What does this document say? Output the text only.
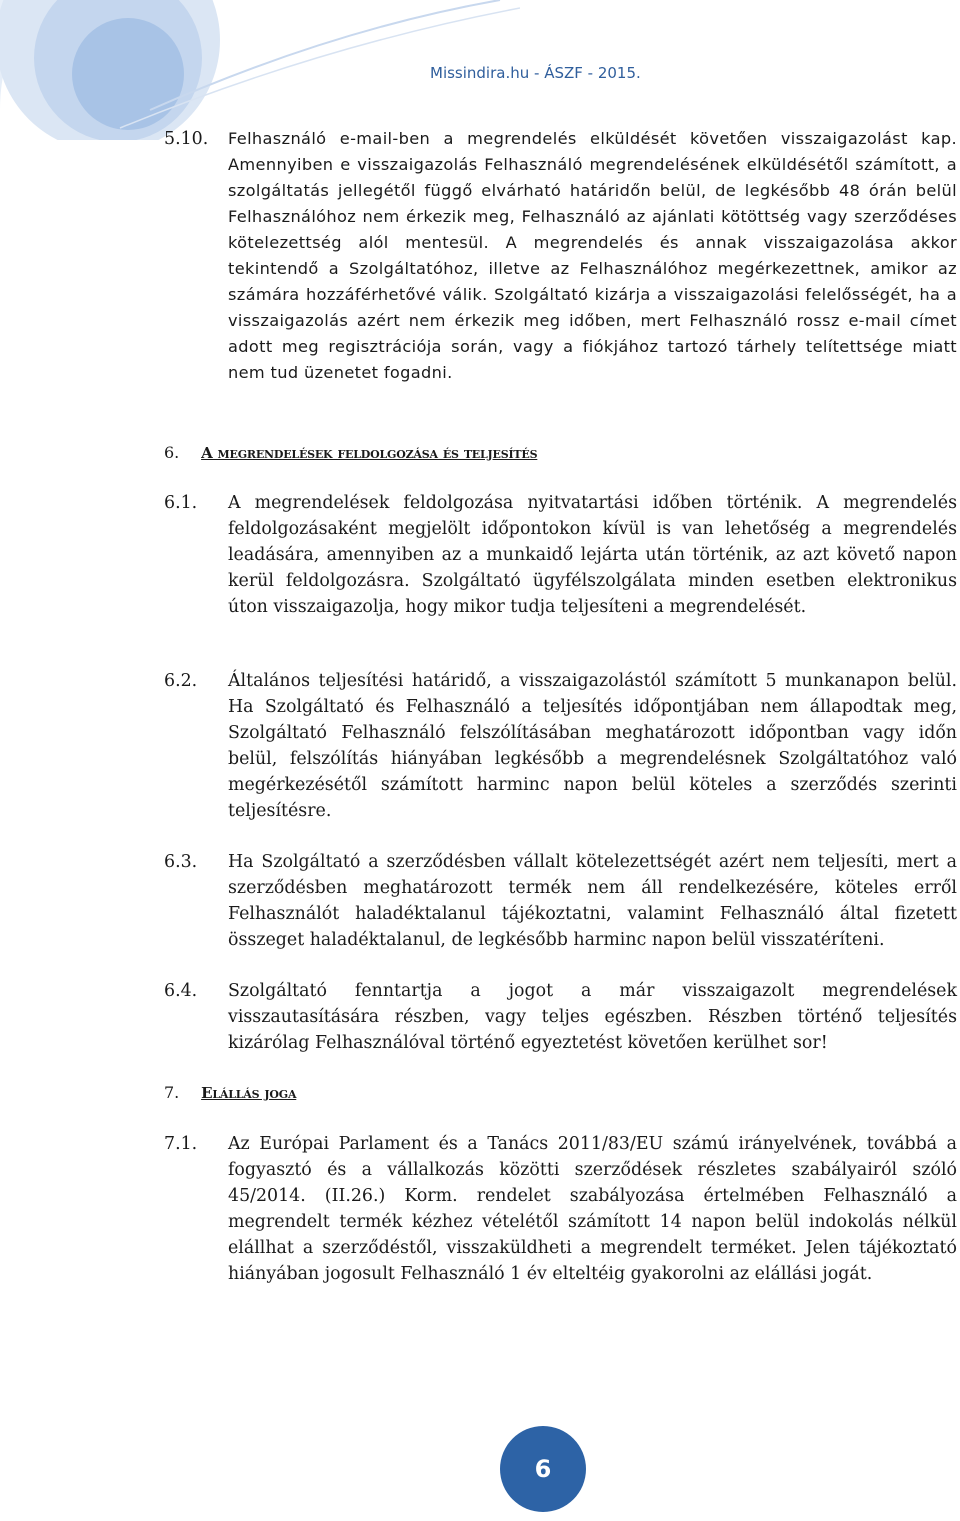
Missindira.hu - ÁSZF - 2015.
5.10.	Felhasználó e-mail-ben a megrendelés elküldését követően visszaigazolást kap. Amennyiben e visszaigazolás Felhasználó megrendelésének elküldésétől számított, a szolgáltatás jellegétől függő elvárható határidőn belül, de legkésőbb 48 órán belül Felhasználóhoz nem érkezik meg, Felhasználó az ajánlati kötöttség vagy szerződéses kötelezettség alól mentesül. A megrendelés és annak visszaigazolása akkor tekintendő a Szolgáltatóhoz, illetve az Felhasználóhoz megérkezettnek, amikor az számára hozzáférhetővé válik. Szolgáltató kizárja a visszaigazolási felelősségét, ha a visszaigazolás azért nem érkezik meg időben, mert Felhasználó rossz e-mail címet adott meg regisztrációja során, vagy a fiókjához tartozó tárhely telítettsége miatt nem tud üzenetet fogadni.
6. A megrendelések feldolgozása és teljesítés
6.1.	A megrendelések feldolgozása nyitvatartási időben történik. A megrendelés feldolgozásaként megjelölt időpontokon kívül is van lehetőség a megrendelés leadására, amennyiben az a munkaidő lejárta után történik, az azt követő napon kerül feldolgozásra. Szolgáltató ügyfélszolgálata minden esetben elektronikus úton visszaigazolja, hogy mikor tudja teljesíteni a megrendelését.
6.2.	Általános teljesítési határidő, a visszaigazolástól számított 5 munkanapon belül. Ha Szolgáltató és Felhasználó a teljesítés időpontjában nem állapodtak meg, Szolgáltató Felhasználó felszólításában meghatározott időpontban vagy időn belül, felszólítás hiányában legkésőbb a megrendelésnek Szolgáltatóhoz való megérkezésétől számított harminc napon belül köteles a szerződés szerinti teljesítésre.
6.3.	Ha Szolgáltató a szerződésben vállalt kötelezettségét azért nem teljesíti, mert a szerződésben meghatározott termék nem áll rendelkezésére, köteles erről Felhasználót haladéktalanul tájékoztatni, valamint Felhasználó által fizetett összeget haladéktalanul, de legkésőbb harminc napon belül visszatéríteni.
6.4.	Szolgáltató fenntartja a jogot a már visszaigazolt megrendelések visszautasítására részben, vagy teljes egészben. Részben történő teljesítés kizárólag Felhasználóval történő egyeztetést követően kerülhet sor!
7. Elállás joga
7.1.	Az Európai Parlament és a Tanács 2011/83/EU számú irányelvének, továbbá a fogyasztó és a vállalkozás közötti szerződések részletes szabályairól szóló 45/2014. (II.26.) Korm. rendelet szabályozása értelmében Felhasználó a megrendelt termék kézhez vételétől számított 14 napon belül indokolás nélkül elállhat a szerződéstől, visszaküldheti a megrendelt terméket. Jelen tájékoztató hiányában jogosult Felhasználó 1 év elteltéig gyakorolni az elállási jogát.
6
